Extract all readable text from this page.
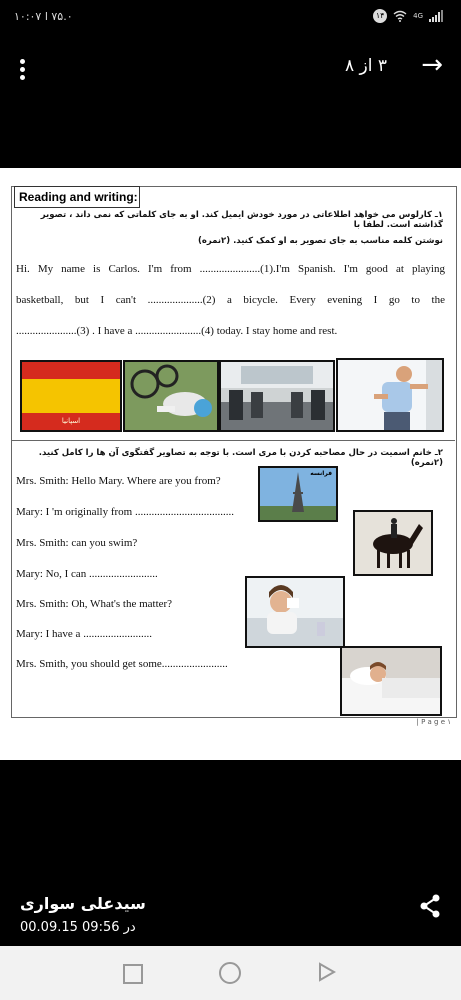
۱۰:۰۷ l ۷۵.۰	۱۴	4G
۳ از ۸ →
Reading and writing:
۱ـ کارلوس می خواهد اطلاعاتی در مورد خودش ایمیل کند. او به جای کلماتی که نمی داند ، تصویر گذاشته است. لطفا با
نوشتن کلمه مناسب به جای تصویر به او کمک کنید. (۲نمره)
Hi. My name is Carlos. I'm from ......................(1).I'm Spanish. I'm good at playing
basketball, but I can't ....................(2) a bicycle. Every evening I go to the
......................(3) . I have a ........................(4) today. I stay home and rest.
اسپانیا
۲ـ خانم اسمیت در حال مصاحبه کردن با مری است. با توجه به تصاویر گفتگوی آن ها را کامل کنید. (۲نمره)
Mrs. Smith: Hello Mary. Where are you from?
Mary: I 'm originally from ....................................
Mrs. Smith: can you swim?
Mary: No, I can .........................
Mrs. Smith: Oh, What's the matter?
Mary: I have a .........................
Mrs. Smith, you should get some........................
فرانسه
| P a g e ۱
سیدعلی سواری
00.09.15 در 09:56
